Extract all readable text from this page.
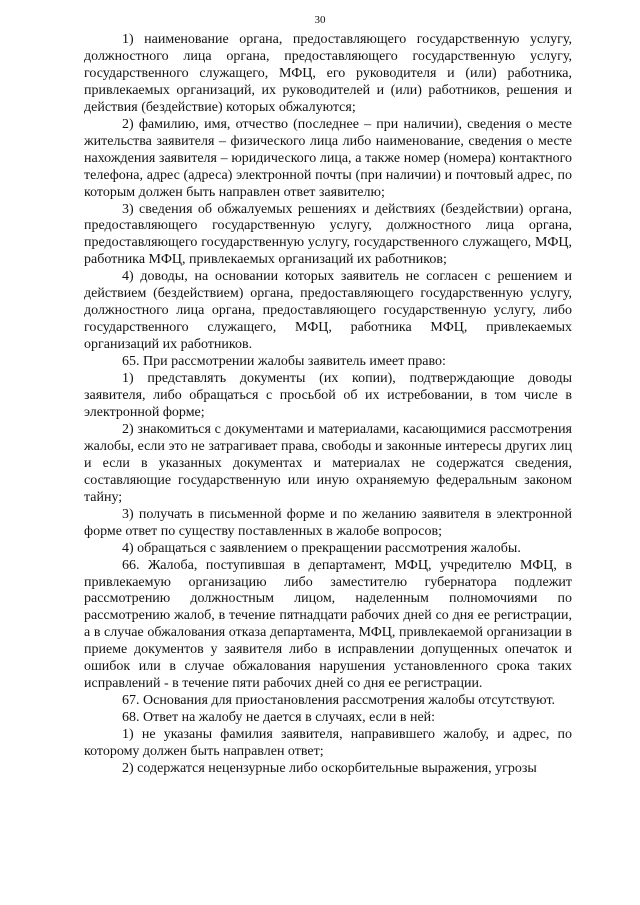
30

1) наименование органа, предоставляющего государственную услугу, должностного лица органа, предоставляющего государственную услугу, государственного служащего, МФЦ, его руководителя и (или) работника, привлекаемых организаций, их руководителей и (или) работников, решения и действия (бездействие) которых обжалуются;

2) фамилию, имя, отчество (последнее – при наличии), сведения о месте жительства заявителя – физического лица либо наименование, сведения о месте нахождения заявителя – юридического лица, а также номер (номера) контактного телефона, адрес (адреса) электронной почты (при наличии) и почтовый адрес, по которым должен быть направлен ответ заявителю;

3) сведения об обжалуемых решениях и действиях (бездействии) органа, предоставляющего государственную услугу, должностного лица органа, предоставляющего государственную услугу, государственного служащего, МФЦ, работника МФЦ, привлекаемых организаций их работников;

4) доводы, на основании которых заявитель не согласен с решением и действием (бездействием) органа, предоставляющего государственную услугу, должностного лица органа, предоставляющего государственную услугу, либо государственного служащего, МФЦ, работника МФЦ, привлекаемых организаций их работников.

65. При рассмотрении жалобы заявитель имеет право:

1) представлять документы (их копии), подтверждающие доводы заявителя, либо обращаться с просьбой об их истребовании, в том числе в электронной форме;

2) знакомиться с документами и материалами, касающимися рассмотрения жалобы, если это не затрагивает права, свободы и законные интересы других лиц и если в указанных документах и материалах не содержатся сведения, составляющие государственную или иную охраняемую федеральным законом тайну;

3) получать в письменной форме и по желанию заявителя в электронной форме ответ по существу поставленных в жалобе вопросов;

4) обращаться с заявлением о прекращении рассмотрения жалобы.

66. Жалоба, поступившая в департамент, МФЦ, учредителю МФЦ, в привлекаемую организацию либо заместителю губернатора подлежит рассмотрению должностным лицом, наделенным полномочиями по рассмотрению жалоб, в течение пятнадцати рабочих дней со дня ее регистрации, а в случае обжалования отказа департамента, МФЦ, привлекаемой организации в приеме документов у заявителя либо в исправлении допущенных опечаток и ошибок или в случае обжалования нарушения установленного срока таких исправлений - в течение пяти рабочих дней со дня ее регистрации.

67. Основания для приостановления рассмотрения жалобы отсутствуют.

68. Ответ на жалобу не дается в случаях, если в ней:

1) не указаны фамилия заявителя, направившего жалобу, и адрес, по которому должен быть направлен ответ;

2) содержатся нецензурные либо оскорбительные выражения, угрозы
